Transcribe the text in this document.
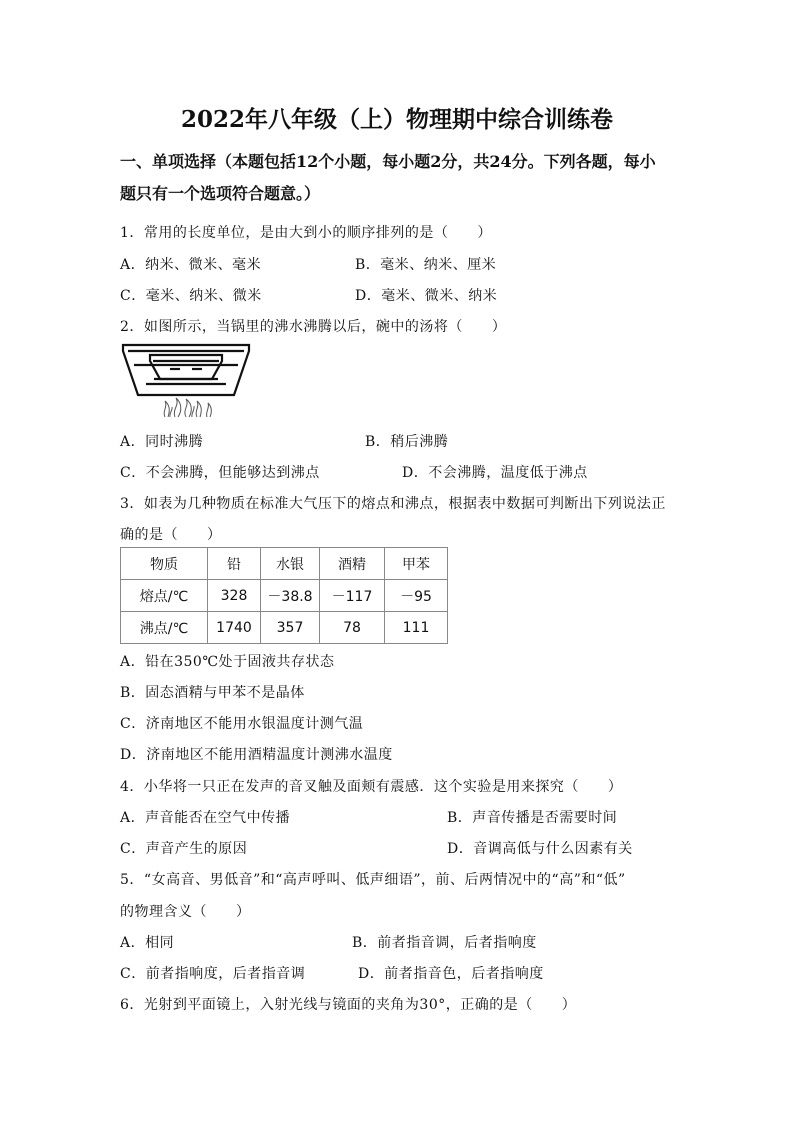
2022年八年级（上）物理期中综合训练卷
一、单项选择（本题包括12个小题，每小题2分，共24分。下列各题，每小
题只有一个选项符合题意。）
1．常用的长度单位，是由大到小的顺序排列的是（　　）
A．纳米、微米、毫米	B．毫米、纳米、厘米
C．毫米、纳米、微米	D．毫米、微米、纳米
2．如图所示，当锅里的沸水沸腾以后，碗中的汤将（　　）
A．同时沸腾	B．稍后沸腾
C．不会沸腾，但能够达到沸点	D．不会沸腾，温度低于沸点
3．如表为几种物质在标准大气压下的熔点和沸点，根据表中数据可判断出下列说法正
确的是（　　）
物质	铅	水银	酒精	甲苯
熔点/℃	328	－38.8	－117	－95
沸点/℃	1740	357	78	111
A．铅在350℃处于固液共存状态
B．固态酒精与甲苯不是晶体
C．济南地区不能用水银温度计测气温
D．济南地区不能用酒精温度计测沸水温度
4．小华将一只正在发声的音叉触及面颊有震感．这个实验是用来探究（　　）
A．声音能否在空气中传播	B．声音传播是否需要时间
C．声音产生的原因	D．音调高低与什么因素有关
5．“女高音、男低音”和“高声呼叫、低声细语”，前、后两情况中的“高”和“低”
的物理含义（　　）
A．相同	B．前者指音调，后者指响度
C．前者指响度，后者指音调	D．前者指音色，后者指响度
6．光射到平面镜上，入射光线与镜面的夹角为30°，正确的是（　　）
